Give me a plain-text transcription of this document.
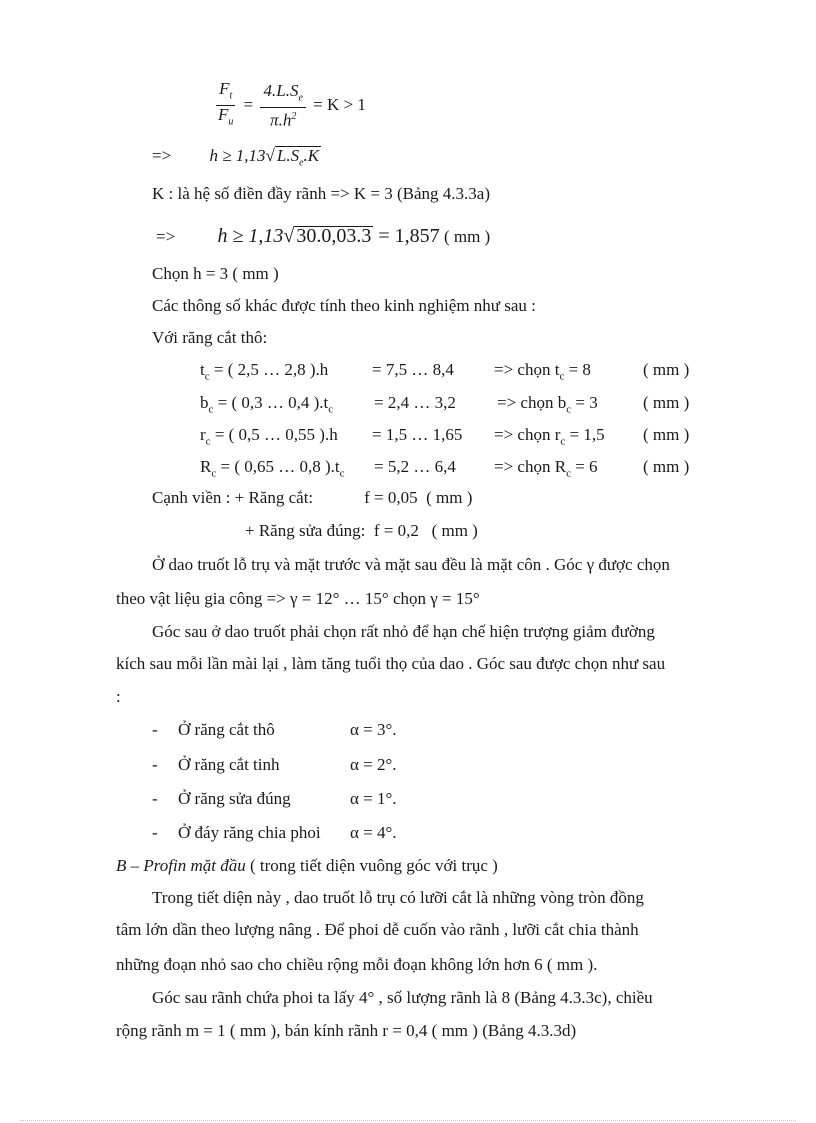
$\frac{F_t}{F_u} = \frac{4.L.S_e}{\pi.h^2} = K > 1$
=> h ≥ 1,13√ $L.S_e.K$
K : là hệ số điền đầy rãnh => K = 3 (Bảng 4.3.3a)
=> h ≥ 1,13√ 30.0,03.3 = 1,857 ( mm )
Chọn h = 3 ( mm )
Các thông số khác được tính theo kinh nghiệm như sau :
Với răng cắt thô:
$t_c$ = ( 2,5 … 2,8 ).h	= 7,5 … 8,4 => chọn $t_c = 8$	( mm )
$b_c$ = ( 0,3 … 0,4 )$.t_c = 2,4$ … 3,2 => chọn $b_c = 3$	( mm )
$r_c$ = ( 0,5 … 0,55 ).h = 1,5 … 1,65 => chọn $r_c = 1,5$ ( mm )
$R_c$ = ( 0,65 … 0,8 )$.t_c = 5,2$ … 6,4 => chọn $R_c = 6$	( mm )
Cạnh viền : + Răng cắt:            f = 0,05  ( mm )
+ Răng sửa đúng:  f = 0,2   ( mm )
Ở dao truốt lỗ trụ và mặt trước và mặt sau đều là mặt côn . Góc γ được chọn
theo vật liệu gia công => γ = 12° … 15° chọn γ = 15°
Góc sau ở dao truốt phải chọn rất nhỏ để hạn chế hiện trượng giảm đường
kích sau mỗi lần mài lại , làm tăng tuổi thọ của dao . Góc sau được chọn như sau
:
- Ở răng cắt thô	α = 3°.
- Ở răng cắt tinh	α = 2°.
- Ở răng sửa đúng	α = 1°.
- Ở đáy răng chia phoi α = 4°.
B – Profin mặt đầu ( trong tiết diện vuông góc với trục )
Trong tiết diện này , dao truốt lỗ trụ có lưỡi cắt là những vòng tròn đồng
tâm lớn dần theo lượng nâng . Để phoi dễ cuốn vào rãnh , lưỡi cắt chia thành
những đoạn nhỏ sao cho chiều rộng mỗi đoạn không lớn hơn 6 ( mm ).
Góc sau rãnh chứa phoi ta lấy 4° , số lượng rãnh là 8 (Bảng 4.3.3c), chiều
rộng rãnh m = 1 ( mm ), bán kính rãnh r = 0,4 ( mm ) (Bảng 4.3.3d)
